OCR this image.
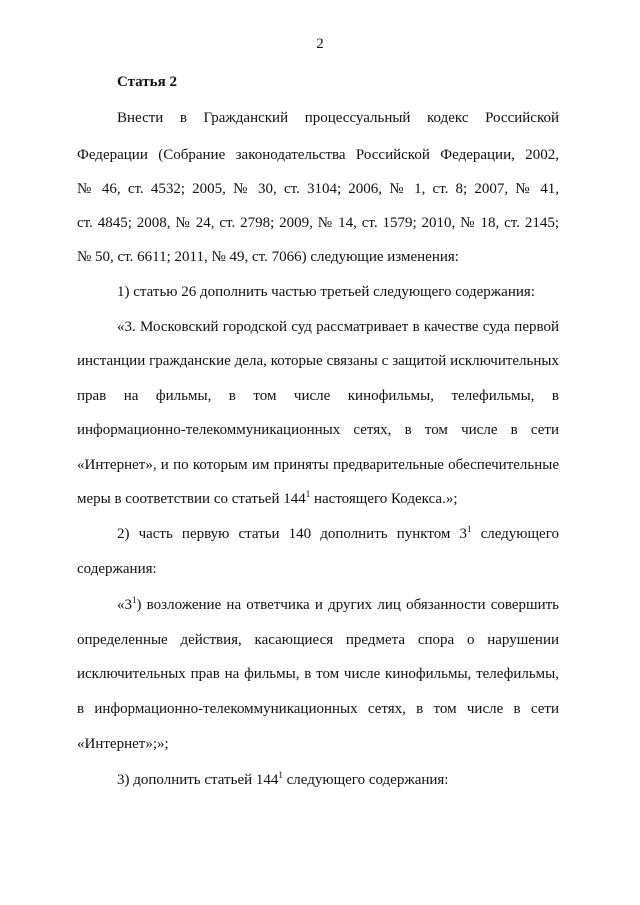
2
Статья 2
Внести в Гражданский процессуальный кодекс Российской
Федерации (Собрание законодательства Российской Федерации, 2002,
№ 46, ст. 4532; 2005, № 30, ст. 3104; 2006, № 1, ст. 8; 2007, № 41,
ст. 4845; 2008, № 24, ст. 2798; 2009, № 14, ст. 1579; 2010, № 18, ст. 2145;
№ 50, ст. 6611; 2011, № 49, ст. 7066) следующие изменения:
1) статью 26 дополнить частью третьей следующего содержания:
«3. Московский городской суд рассматривает в качестве суда первой
инстанции гражданские дела, которые связаны с защитой исключительных
прав на фильмы, в том числе кинофильмы, телефильмы, в
информационно-телекоммуникационных сетях, в том числе в сети
«Интернет», и по которым им приняты предварительные обеспечительные
меры в соответствии со статьей $144^1$ настоящего Кодекса.»;
2) часть первую статьи 140 дополнить пунктом $3^1$ следующего
содержания:
«$3^1$) возложение на ответчика и других лиц обязанности совершить
определенные действия, касающиеся предмета спора о нарушении
исключительных прав на фильмы, в том числе кинофильмы, телефильмы,
в информационно-телекоммуникационных сетях, в том числе в сети
«Интернет»;»;
3) дополнить статьей $144^1$ следующего содержания:
